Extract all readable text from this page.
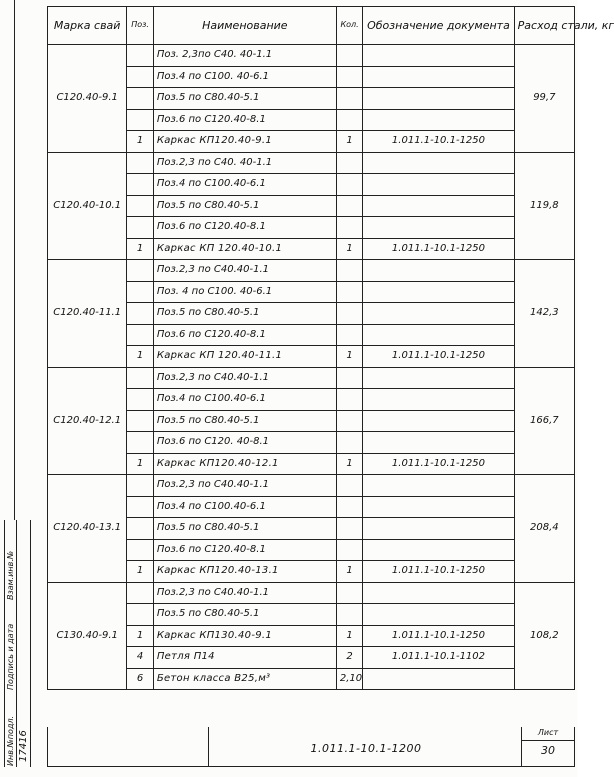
Марка свай	Поз.	Наименование	Кол.	Обозначение документа	Расход стали, кг
С120.40-9.1		Поз. 2,3по С40. 40-1.1			99,7
		Поз.4 по С100. 40-6.1			
		Поз.5 по С80.40-5.1			
		Поз.6 по С120.40-8.1			
	1	Каркас КП120.40-9.1	1	1.011.1-10.1-1250	
С120.40-10.1		Поз.2,3 по С40. 40-1.1			119,8
		Поз.4 по С100.40-6.1			
		Поз.5 по С80.40-5.1			
		Поз.6 по С120.40-8.1			
	1	Каркас КП 120.40-10.1	1	1.011.1-10.1-1250	
С120.40-11.1		Поз.2,3 по С40.40-1.1			142,3
		Поз. 4 по С100. 40-6.1			
		Поз.5 по С80.40-5.1			
		Поз.6 по С120.40-8.1			
	1	Каркас КП 120.40-11.1	1	1.011.1-10.1-1250	
С120.40-12.1		Поз.2,3 по С40.40-1.1			166,7
		Поз.4 по С100.40-6.1			
		Поз.5 по С80.40-5.1			
		Поз.6 по С120. 40-8.1			
	1	Каркас КП120.40-12.1	1	1.011.1-10.1-1250	
С120.40-13.1		Поз.2,3 по С40.40-1.1			208,4
		Поз.4 по С100.40-6.1			
		Поз.5 по С80.40-5.1			
		Поз.6 по С120.40-8.1			
	1	Каркас КП120.40-13.1	1	1.011.1-10.1-1250	
С130.40-9.1		Поз.2,3 по С40.40-1.1			108,2
		Поз.5 по С80.40-5.1			
	1	Каркас КП130.40-9.1	1	1.011.1-10.1-1250	
	4	Петля П14	2	1.011.1-10.1-1102	
	6	Бетон класса В25,м³	2,10		
1.011.1-10.1-1200
Лист
30
Инв.№подл. 17416
Подпись и дата
Взам.инв.№
